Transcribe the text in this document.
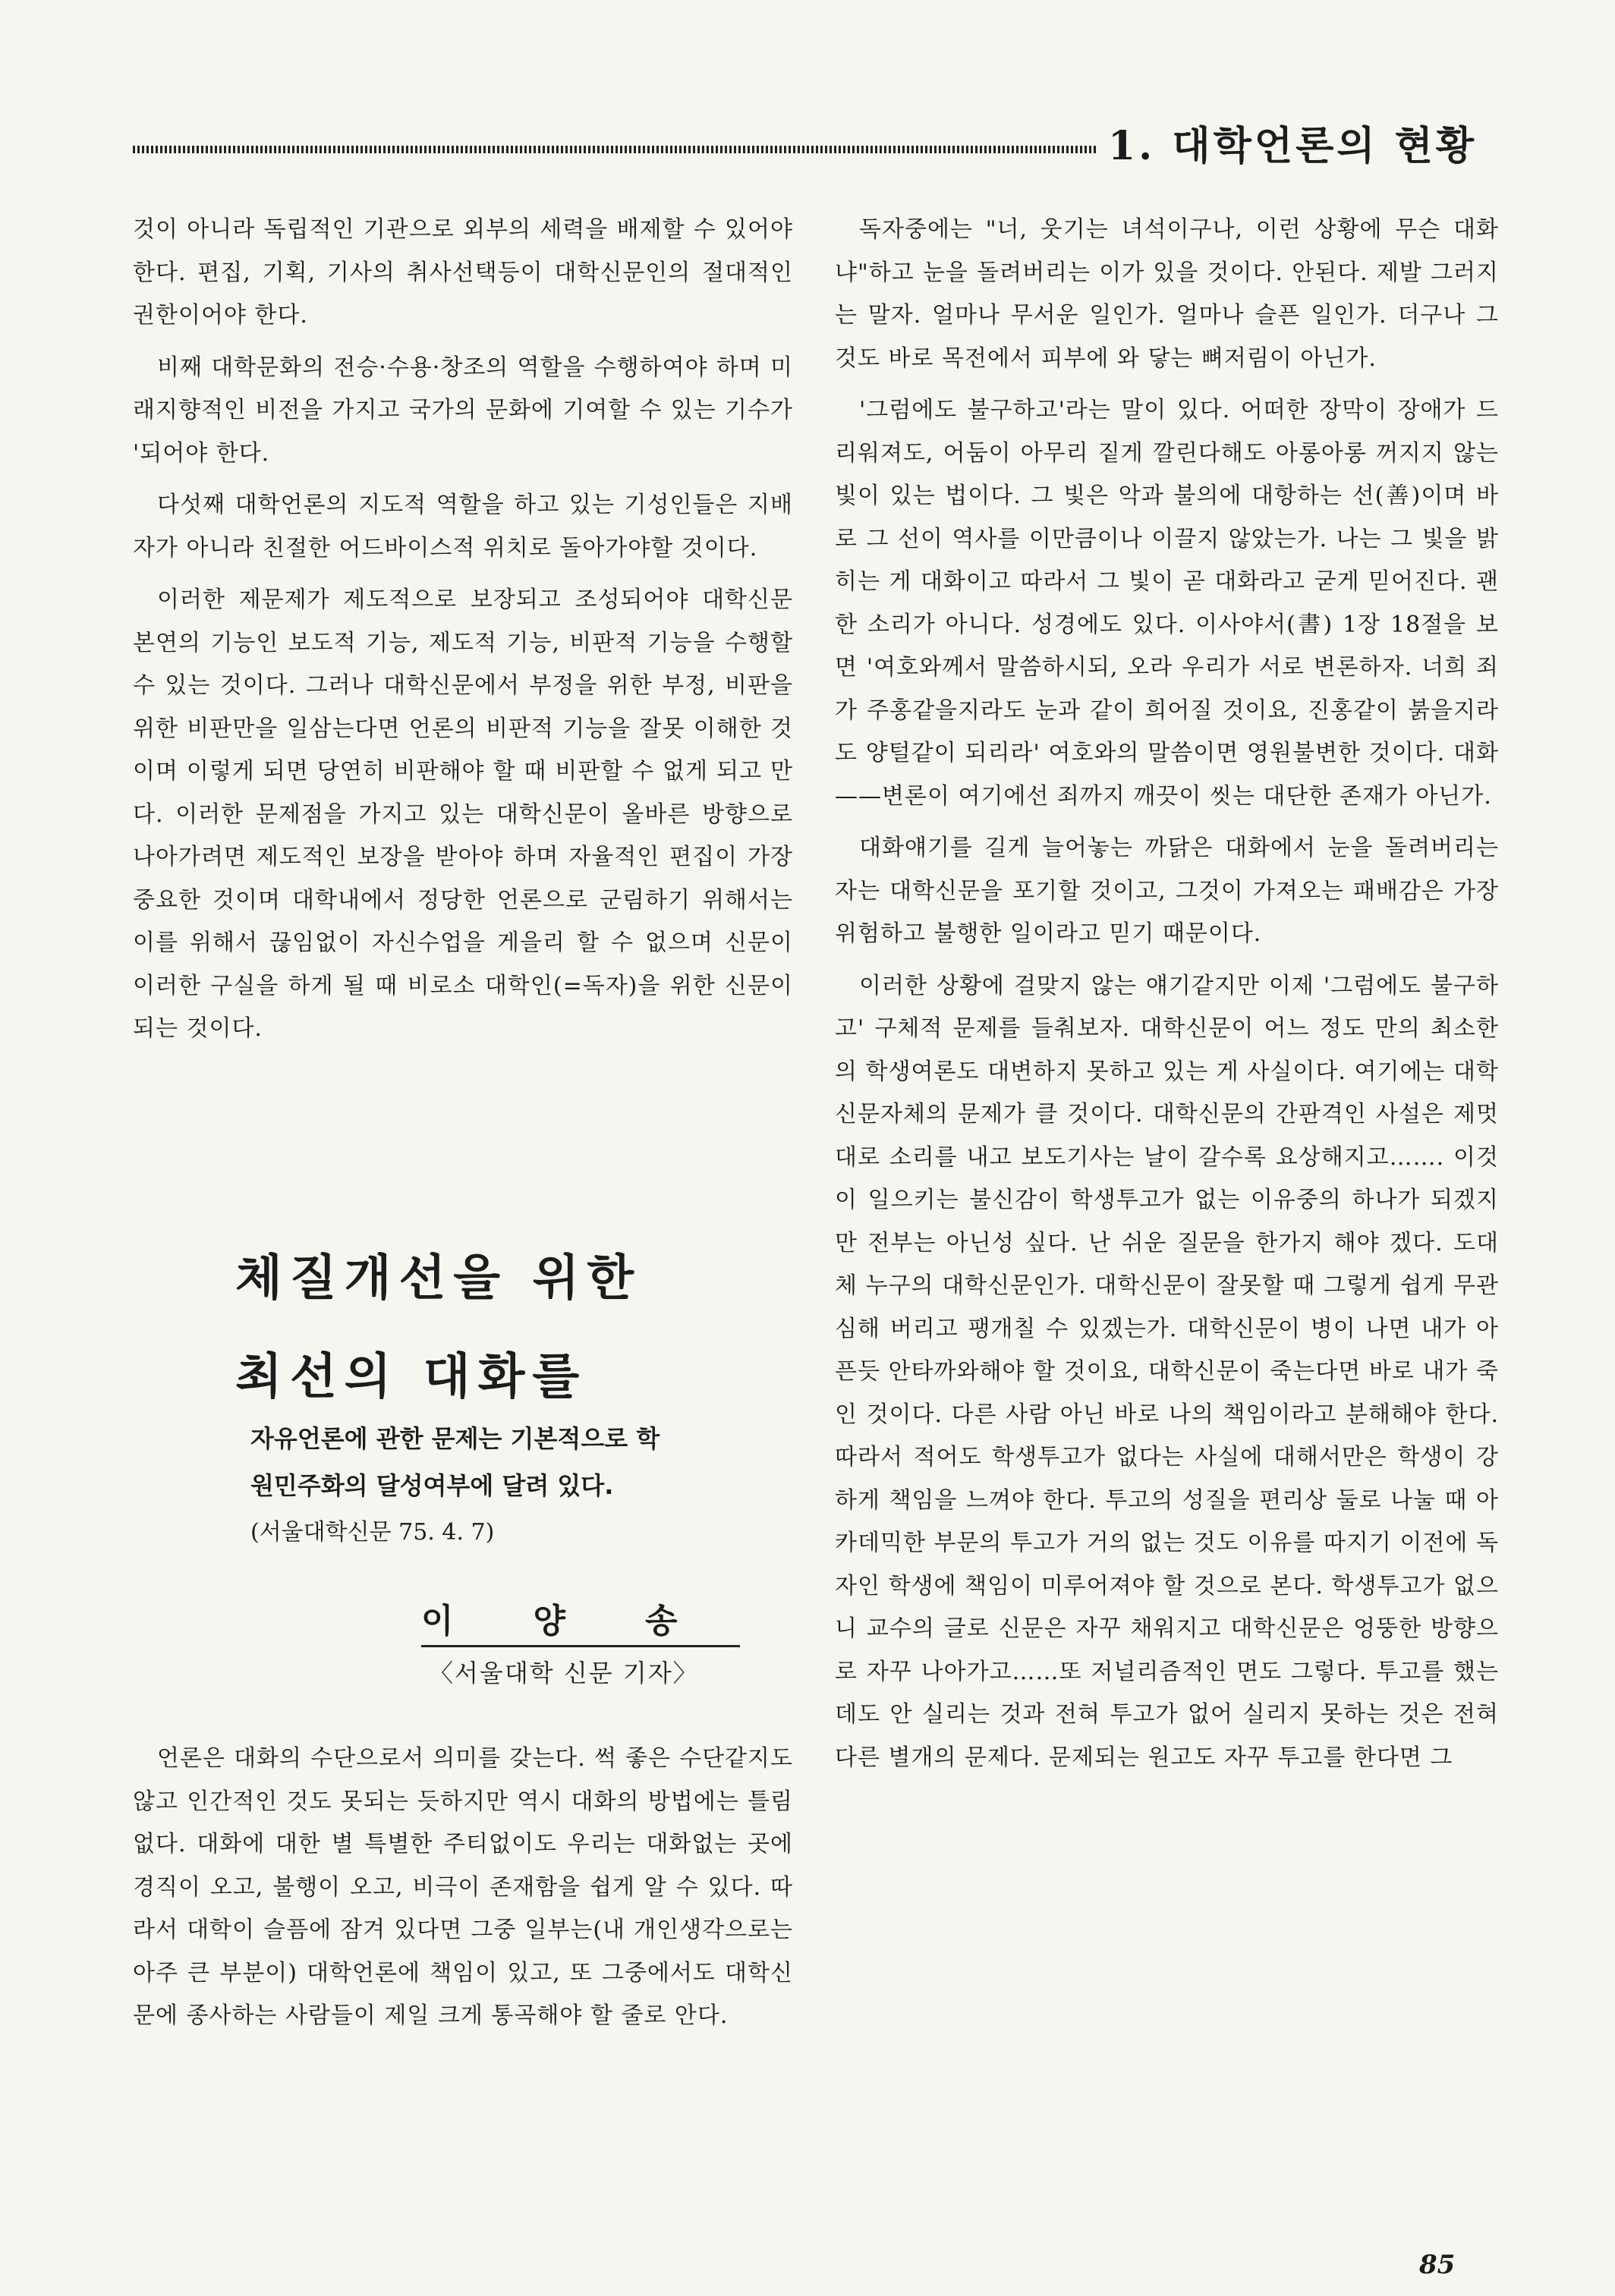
1. 대학언론의 현황

것이 아니라 독립적인 기관으로 외부의 세력을 배제할 수 있어야 한다. 편집, 기획, 기사의 취사선택등이 대학신문인의 절대적인 권한이어야 한다.

비째 대학문화의 전승·수용·창조의 역할을 수행하여야 하며 미래지향적인 비전을 가지고 국가의 문화에 기여할 수 있는 기수가 '되어야 한다.

다섯째 대학언론의 지도적 역할을 하고 있는 기성인들은 지배자가 아니라 친절한 어드바이스적 위치로 돌아가야할 것이다.

이러한 제문제가 제도적으로 보장되고 조성되어야 대학신문 본연의 기능인 보도적 기능, 제도적 기능, 비판적 기능을 수행할 수 있는 것이다. 그러나 대학신문에서 부정을 위한 부정, 비판을 위한 비판만을 일삼는다면 언론의 비판적 기능을 잘못 이해한 것이며 이렇게 되면 당연히 비판해야 할 때 비판할 수 없게 되고 만다. 이러한 문제점을 가지고 있는 대학신문이 올바른 방향으로 나아가려면 제도적인 보장을 받아야 하며 자율적인 편집이 가장 중요한 것이며 대학내에서 정당한 언론으로 군림하기 위해서는 이를 위해서 끊임없이 자신수업을 게을리 할 수 없으며 신문이 이러한 구실을 하게 될 때 비로소 대학인(=독자)을 위한 신문이 되는 것이다.

체질개선을 위한
최선의 대화를
자유언론에 관한 문제는 기본적으로 학
원민주화의 달성여부에 달려 있다.
(서울대학신문 75. 4. 7)
이양송
〈서울대학 신문 기자〉

언론은 대화의 수단으로서 의미를 갖는다. 썩 좋은 수단같지도 않고 인간적인 것도 못되는 듯하지만 역시 대화의 방법에는 틀림없다. 대화에 대한 별 특별한 주티없이도 우리는 대화없는 곳에 경직이 오고, 불행이 오고, 비극이 존재함을 쉽게 알 수 있다. 따라서 대학이 슬픔에 잠겨 있다면 그중 일부는(내 개인생각으로는 아주 큰 부분이) 대학언론에 책임이 있고, 또 그중에서도 대학신문에 종사하는 사람들이 제일 크게 통곡해야 할 줄로 안다.

독자중에는 "너, 웃기는 녀석이구나, 이런 상황에 무슨 대화냐"하고 눈을 돌려버리는 이가 있을 것이다. 안된다. 제발 그러지는 말자. 얼마나 무서운 일인가. 얼마나 슬픈 일인가. 더구나 그것도 바로 목전에서 피부에 와 닿는 뼈저림이 아닌가.

'그럼에도 불구하고'라는 말이 있다. 어떠한 장막이 장애가 드리워져도, 어둠이 아무리 짙게 깔린다해도 아롱아롱 꺼지지 않는 빛이 있는 법이다. 그 빛은 악과 불의에 대항하는 선(善)이며 바로 그 선이 역사를 이만큼이나 이끌지 않았는가. 나는 그 빛을 밝히는 게 대화이고 따라서 그 빛이 곧 대화라고 굳게 믿어진다. 괜한 소리가 아니다. 성경에도 있다. 이사야서(書) 1장 18절을 보면 '여호와께서 말씀하시되, 오라 우리가 서로 변론하자. 너희 죄가 주홍같을지라도 눈과 같이 희어질 것이요, 진홍같이 붉을지라도 양털같이 되리라' 여호와의 말씀이면 영원불변한 것이다. 대화——변론이 여기에선 죄까지 깨끗이 씻는 대단한 존재가 아닌가.

대화얘기를 길게 늘어놓는 까닭은 대화에서 눈을 돌려버리는 자는 대학신문을 포기할 것이고, 그것이 가져오는 패배감은 가장 위험하고 불행한 일이라고 믿기 때문이다.

이러한 상황에 걸맞지 않는 얘기같지만 이제 '그럼에도 불구하고' 구체적 문제를 들춰보자. 대학신문이 어느 정도 만의 최소한의 학생여론도 대변하지 못하고 있는 게 사실이다. 여기에는 대학신문자체의 문제가 클 것이다. 대학신문의 간판격인 사설은 제멋대로 소리를 내고 보도기사는 날이 갈수록 요상해지고……. 이것이 일으키는 불신감이 학생투고가 없는 이유중의 하나가 되겠지만 전부는 아닌성 싶다. 난 쉬운 질문을 한가지 해야 겠다. 도대체 누구의 대학신문인가. 대학신문이 잘못할 때 그렇게 쉽게 무관심해 버리고 팽개칠 수 있겠는가. 대학신문이 병이 나면 내가 아픈듯 안타까와해야 할 것이요, 대학신문이 죽는다면 바로 내가 죽인 것이다. 다른 사람 아닌 바로 나의 책임이라고 분해해야 한다. 따라서 적어도 학생투고가 없다는 사실에 대해서만은 학생이 강하게 책임을 느껴야 한다. 투고의 성질을 편리상 둘로 나눌 때 아카데믹한 부문의 투고가 거의 없는 것도 이유를 따지기 이전에 독자인 학생에 책임이 미루어져야 할 것으로 본다. 학생투고가 없으니 교수의 글로 신문은 자꾸 채워지고 대학신문은 엉뚱한 방향으로 자꾸 나아가고……또 저널리즘적인 면도 그렇다. 투고를 했는데도 안 실리는 것과 전혀 투고가 없어 실리지 못하는 것은 전혀 다른 별개의 문제다. 문제되는 원고도 자꾸 투고를 한다면 그

85
